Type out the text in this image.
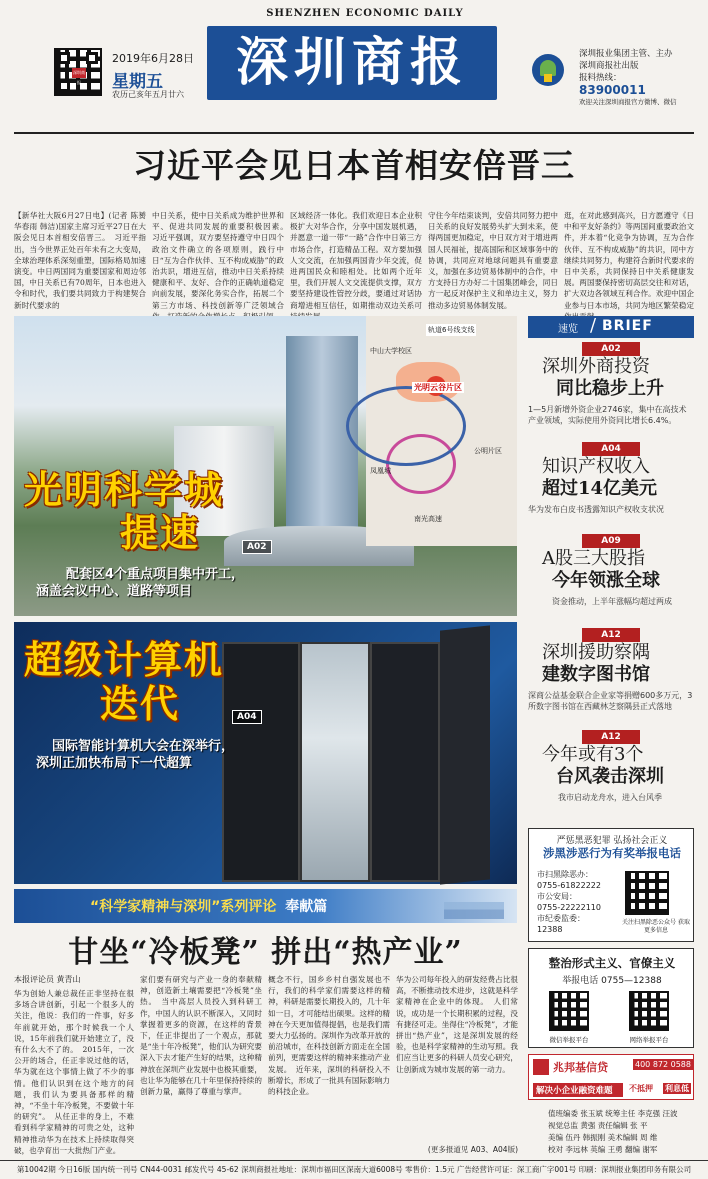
深圳商报
2019年6月28日
星期五
农历己亥年五月廿六
SHENZHEN ECONOMIC DAILY
深圳商报	深圳报业集团主管、主办
深圳商报社出版
报料热线：
83900011
欢迎关注深圳商报官方微博、微信
习近平会见日本首相安倍晋三
【新华社大阪6月27日电】(记者 陈赟 华春雨 韩洁)国家主席习近平27日在大阪会见日本首相安倍晋三。　习近平指出，当今世界正处百年未有之大变局，全球治理体系深刻重塑，国际格局加速演变。中日两国同为重要国家和周边邻国，中日关系已有70周年，日本也进入令和时代，我们要共同致力于构建契合新时代要求的
中日关系，使中日关系成为维护世界和平、促进共同发展的重要积极因素。　习近平强调，双方要坚持遵守中日四个政治文件确立的各项原则，践行中日“互为合作伙伴、互不构成威胁”的政治共识，增进互信，推动中日关系持续健康和平、友好、合作的正确轨道稳定向前发展，要深化务实合作，拓展二个第三方市场、科技创新等广泛领域合
区域经济一体化。我们欢迎日本企业积极扩大对华合作，分享中国发展机遇，并愿意一道一带“一路”合作中日第三方市场合作，打造精品工程。双方要加强人文交流，在加强两国青少年交流，促进两国民众和睦相处。比如两个近年里，我们开展人文交流提供支撑，双方要坚持建设性管控分歧，要通过对话协商增进相互信任，如期推动双边关系可
守住今年结束谈判，安倍共同努力把中日关系的良好发展势头扩大到未来，使得两国更加稳定，中日双方对于增进两国人民福祉，提高国际和区域事务中的协调，共同应对地球问题具有重要意义，加强在多边贸易体制中的合作，中方支持日方办好二十国集团峰会，同日方一起反对保护主义和单边主义，努力推动多边贸易体制发展。
逛，在对此感到高兴，日方愿遵守《日中和平友好条约》等两国间重要政治文件，并本着“化竞争为协调，互为合作伙伴、互不构成威胁”的共识，同中方继续共同努力，构建符合新时代要求的日中关系，共同保持日中关系健康发展。两国要保持密切高层交往和对话，扩大双边各领域互利合作。欢迎中国企业参与日本市场，共同为地区繁荣稳定
轨道6号线支线
中山大学校区
光明云谷片区
凤凰城
南光高速
公明片区
光明科学城
提速	A02
配套区4个重点项目集中开工，
涵盖会议中心、道路等项目
超级计算机
迭代	A04
国际智能计算机大会在深举行，
深圳正加快布局下一代超算
速览 / BRIEF
A02
深圳外商投资
同比稳步上升
1—5月新增外资企业2746家，集中在高技术产业领域，实际使用外资同比增长6.4%。
A04
知识产权收入
超过14亿美元
华为发布白皮书透露知识产权收支状况
A09
A股三大股指
今年领涨全球
资金推动，上半年涨幅均超过两成
A12
深圳援助察隅
建数字图书馆
深商公益基金联合企业家等捐赠600多万元，3所数字图书馆在西藏林芝察隅县正式落地
A12
今年或有3个
台风袭击深圳
我市启动龙舟水，进入台风季
严惩黑恶犯罪 弘扬社会正义
涉黑涉恶行为有奖举报电话
市扫黑除恶办：
0755-61822222
市公安局：
0755-22222110
市纪委监委：
12388
关注扫黑除恶公众号 获取更多信息
整治形式主义、官僚主义
举报电话 0755—12388
微信举报平台	网络举报平台
兆邦基信贷	400 872 0588
解决小企业融资难题	不抵押 利息低
值班编委 张玉斌 统筹主任 李克强 汪波
视觉总监 黄强 责任编辑 张 平
美编 伍丹 韩振刚 美术编辑 周 维
校对 李远林 英编 王勇 翻编 谢军
“科学家精神与深圳”系列评论 奉献篇
甘坐“冷板凳” 拼出“热产业”
本报评论员 黄青山
华为创始人兼总裁任正非坚持在很多场合讲创新，引起一个很多人的关注，他说：我们的一件事，好多年前就开始，那个时候我一个人说，15年前我们就开始建立了，没有什么大不了的。　2015年，一次公开的场合，任正非说过他的话，华为就在这个事情上做了不少的事情。他们认识到在这个地方的问题，我们认为要具备那样的精神，“不坐十年冷板凳，不要做十年的研究”。　从任正非的身上，不难看到科学家精神的可贵之处，这种精神推动华为在技术上持续取得突破，也孕育出一大批热门产业。
家们要有研究与产业一身的奉献精神，创造新土壤需要把“冷板凳”坐热。　当中高层人员投入到科研工作，中国人的认识不断深入，又同时掌握着更多的资源，在这样的背景下，任正非提出了一个观点，那就是“坐十年冷板凳”，他们认为研究要深入下去才能产生好的结果，这种精神放在深圳产业发展中也极其重要，也让华为能够在几十年里保持持续的创新力量，赢得了尊重与掌声。
概念不行，国乡乡村自强发展也不行，我们的科学家们需要这样的精神，科研是需要长期投入的，几十年如一日，才可能结出硕果。这样的精神在今天更加值得提倡，也是我们需要大力弘扬的。深圳作为改革开放的前沿城市，在科技创新方面走在全国前列，更需要这样的精神来推动产业发展。　近年来，深圳的科研投入不断增长，形成了一批具有国际影响力的科技企业。
华为公司每年投入的研发经费占比很高，不断推动技术进步，这就是科学家精神在企业中的体现。　人们常说，成功是一个长期积累的过程，没有捷径可走。坐得住“冷板凳”，才能拼出“热产业”，这是深圳发展的经验，也是科学家精神的生动写照。我们应当让更多的科研人员安心研究，让创新成为城市发展的第一动力。
(更多报道见 A03、A04版)
第10042期 今日16版 国内统一刊号 CN44-0031 邮发代号 45-62 深圳商报社地址：深圳市福田区深南大道6008号 零售价：1.5元 广告经营许可证：深工商广字001号 印刷：深圳报业集团印务有限公司
